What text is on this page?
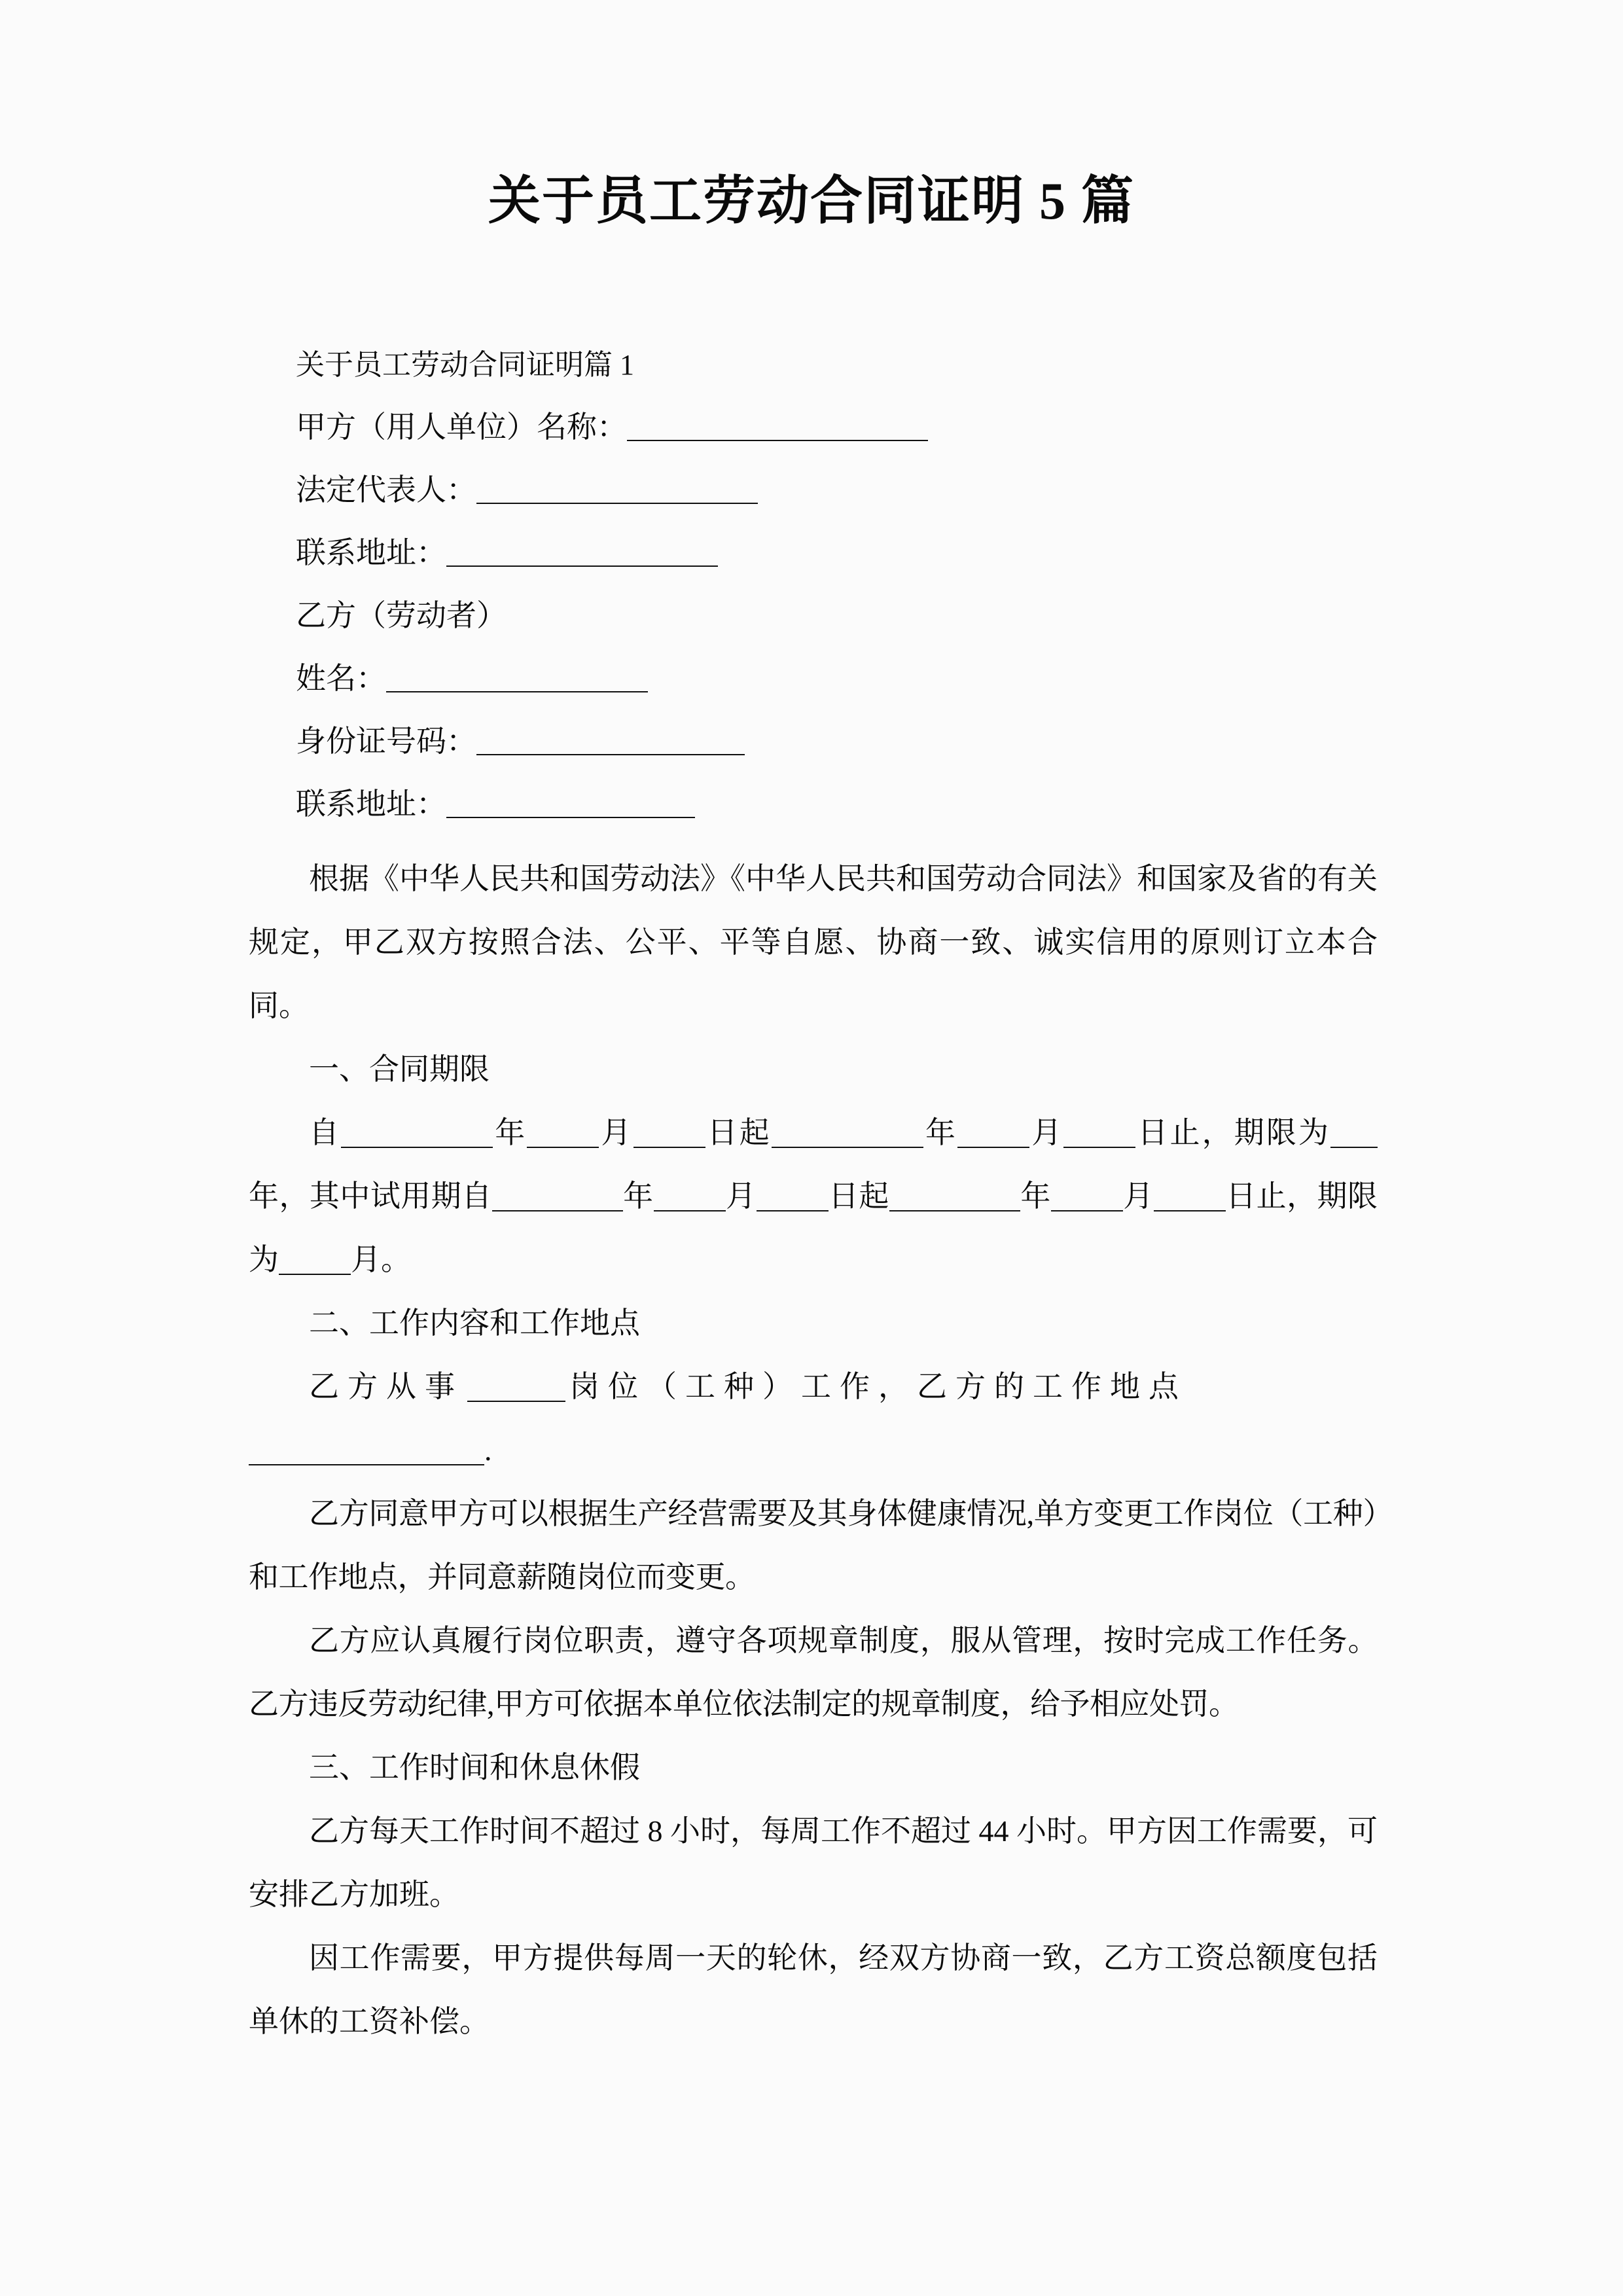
关于员工劳动合同证明 5 篇
关于员工劳动合同证明篇 1
甲方（用人单位）名称：
法定代表人：
联系地址：
乙方（劳动者）
姓名：
身份证号码：
联系地址：

根据《中华人民共和国劳动法》《中华人民共和国劳动合同法》和国家及省的有关规定，甲乙双方按照合法、公平、平等自愿、协商一致、诚实信用的原则订立本合同。

一、合同期限

自	年 月 日起	年 月 日止，期限为年，其中试用期自	年 月 日起	年 月 日止，期限为 月。

二、工作内容和工作地点
乙方从事	岗位（工种）工作，乙方的工作地点
.

乙方同意甲方可以根据生产经营需要及其身体健康情况,单方变更工作岗位（工种）和工作地点，并同意薪随岗位而变更。

乙方应认真履行岗位职责，遵守各项规章制度，服从管理，按时完成工作任务。乙方违反劳动纪律,甲方可依据本单位依法制定的规章制度，给予相应处罚。

三、工作时间和休息休假

乙方每天工作时间不超过 8 小时，每周工作不超过 44 小时。甲方因工作需要，可安排乙方加班。

因工作需要，甲方提供每周一天的轮休，经双方协商一致，乙方工资总额度包括单休的工资补偿。
